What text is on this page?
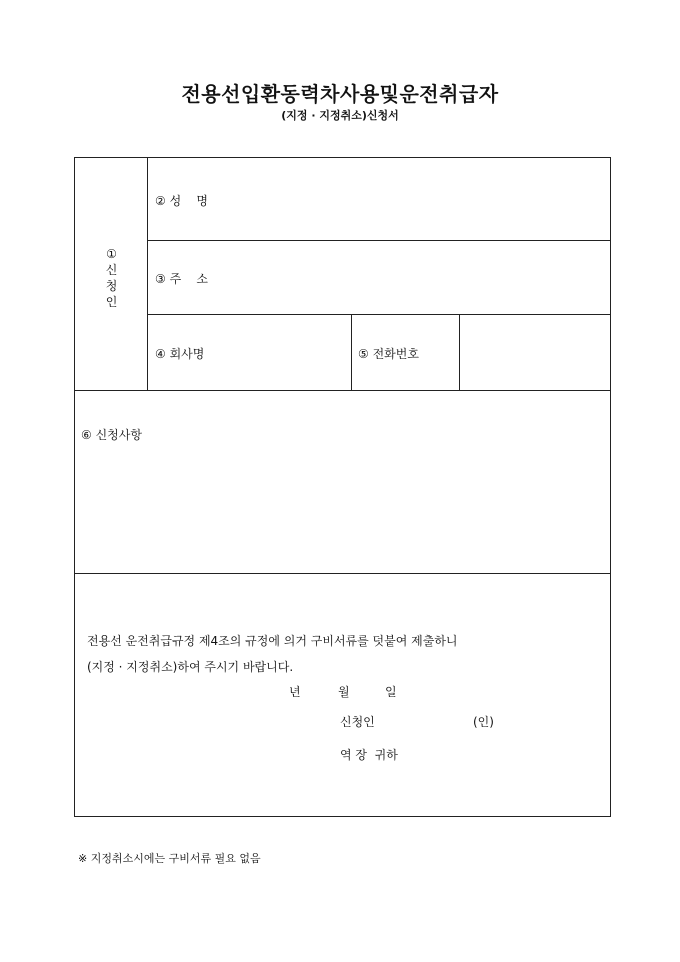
전용선입환동력차사용및운전취급자
(지정 · 지정취소)신청서
①
신
청
인
② 성    명
③ 주    소
④ 회사명	⑤ 전화번호
⑥ 신청사항
전용선 운전취급규정 제4조의 규정에 의거 구비서류를 덧붙여 제출하니
(지정 · 지정취소)하여 주시기 바랍니다.
년	월	일
신청인	(인)
역 장  귀하
※ 지정취소시에는 구비서류 필요 없음
